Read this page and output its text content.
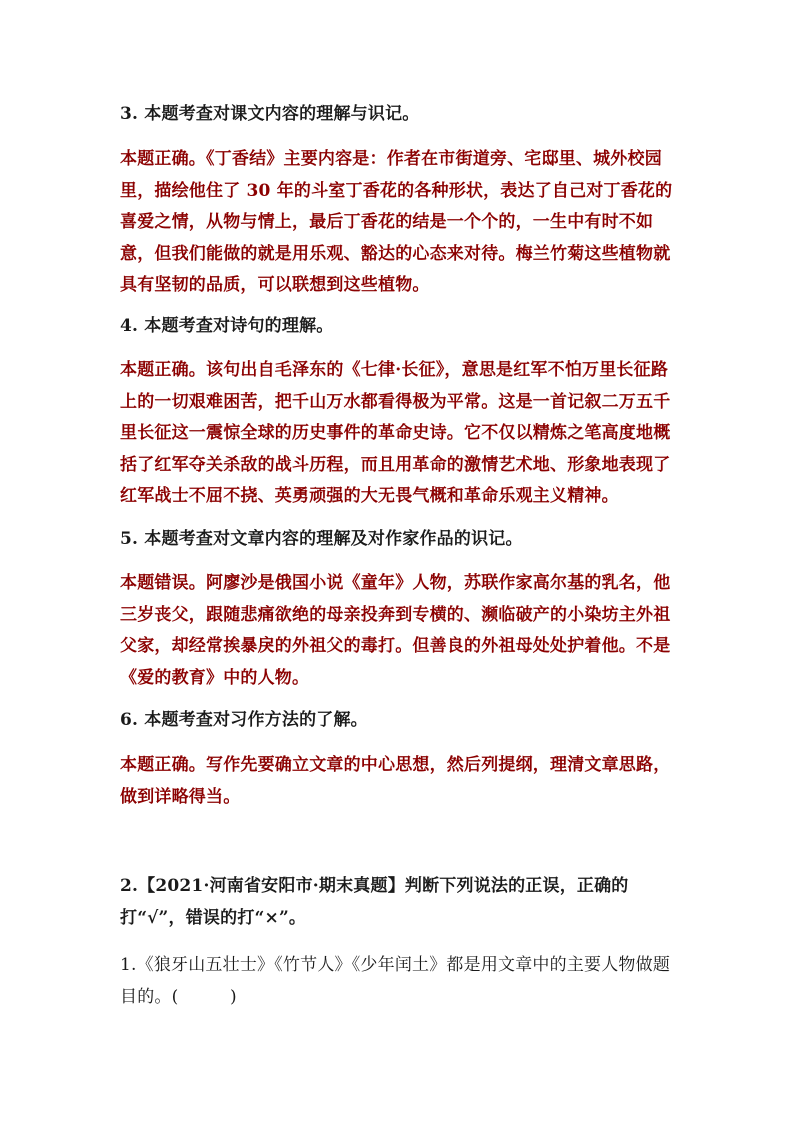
3. 本题考查对课文内容的理解与识记。

本题正确。《丁香结》主要内容是：作者在市街道旁、宅邸里、城外校园里，描绘他住了 30 年的斗室丁香花的各种形状，表达了自己对丁香花的喜爱之情，从物与情上，最后丁香花的结是一个个的，一生中有时不如意，但我们能做的就是用乐观、豁达的心态来对待。梅兰竹菊这些植物就具有坚韧的品质，可以联想到这些植物。

4. 本题考查对诗句的理解。

本题正确。该句出自毛泽东的《七律·长征》，意思是红军不怕万里长征路上的一切艰难困苦，把千山万水都看得极为平常。这是一首记叙二万五千里长征这一震惊全球的历史事件的革命史诗。它不仅以精炼之笔高度地概括了红军夺关杀敌的战斗历程，而且用革命的激情艺术地、形象地表现了红军战士不屈不挠、英勇顽强的大无畏气概和革命乐观主义精神。

5. 本题考查对文章内容的理解及对作家作品的识记。

本题错误。阿廖沙是俄国小说《童年》人物，苏联作家高尔基的乳名，他三岁丧父，跟随悲痛欲绝的母亲投奔到专横的、濒临破产的小染坊主外祖父家，却经常挨暴戾的外祖父的毒打。但善良的外祖母处处护着他。不是《爱的教育》中的人物。

6. 本题考查对习作方法的了解。

本题正确。写作先要确立文章的中心思想，然后列提纲，理清文章思路，做到详略得当。

2.【2021·河南省安阳市·期末真题】判断下列说法的正误，正确的打“√”，错误的打“×”。

1.《狼牙山五壮士》《竹节人》《少年闰土》都是用文章中的主要人物做题目的。(　　　)
